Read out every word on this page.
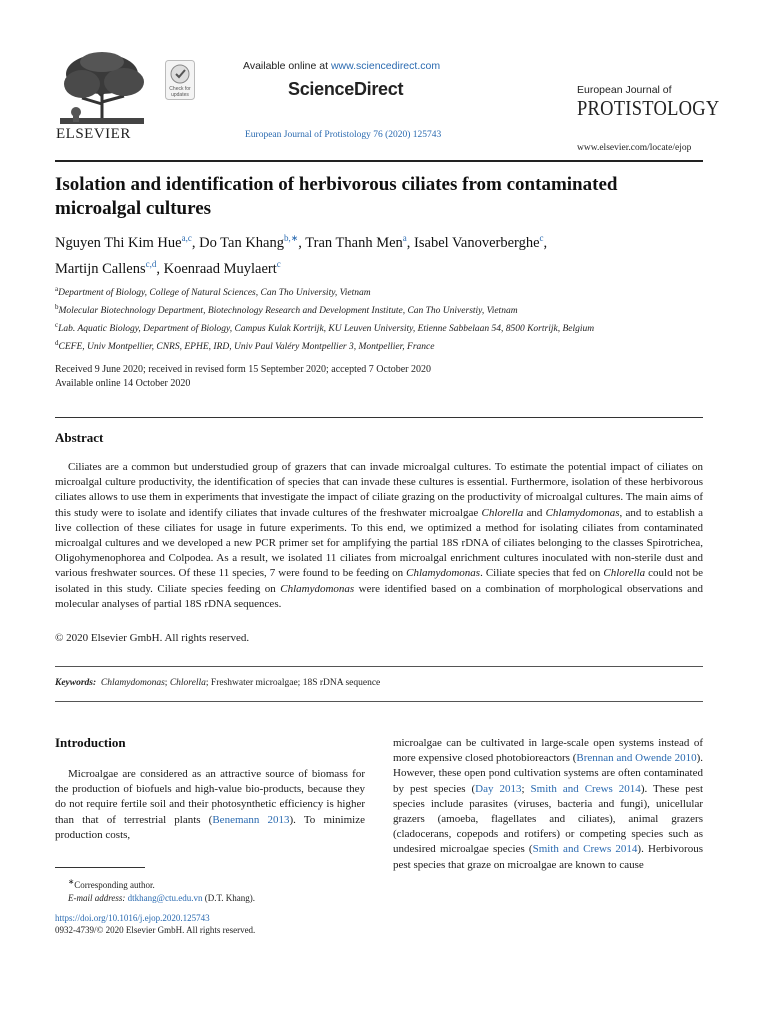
ELSEVIER
Check for
updates
Available online at www.sciencedirect.com
ScienceDirect
European Journal of Protistology 76 (2020) 125743
European Journal of
PROTISTOLOGY
www.elsevier.com/locate/ejop
Isolation and identification of herbivorous ciliates from contaminated microalgal cultures
Nguyen Thi Kim Hue$^{a,c}$, Do Tan Khang$^{b,∗}$, Tran Thanh Men$^a$, Isabel Vanoverberghe$^c$,
Martijn Callens$^{c,d}$, Koenraad Muylaert$^c$
$^a$Department of Biology, College of Natural Sciences, Can Tho University, Vietnam
$^b$Molecular Biotechnology Department, Biotechnology Research and Development Institute, Can Tho Universtiy, Vietnam
$^c$Lab. Aquatic Biology, Department of Biology, Campus Kulak Kortrijk, KU Leuven University, Etienne Sabbelaan 54, 8500 Kortrijk, Belgium
$^d$CEFE, Univ Montpellier, CNRS, EPHE, IRD, Univ Paul Valéry Montpellier 3, Montpellier, France
Received 9 June 2020; received in revised form 15 September 2020; accepted 7 October 2020
Available online 14 October 2020
Abstract

Ciliates are a common but understudied group of grazers that can invade microalgal cultures. To estimate the potential impact of ciliates on microalgal culture productivity, the identification of species that can invade these cultures is essential. Furthermore, isolation of these herbivorous ciliates allows to use them in experiments that investigate the impact of ciliate grazing on the productivity of microalgal cultures. The main aims of this study were to isolate and identify ciliates that invade cultures of the freshwater microalgae Chlorella and Chlamydomonas, and to establish a live collection of these ciliates for usage in future experiments. To this end, we optimized a method for isolating ciliates from contaminated microalgal cultures and we developed a new PCR primer set for amplifying the partial 18S rDNA of ciliates belonging to the classes Spirotrichea, Oligohymenophorea and Colpodea. As a result, we isolated 11 ciliates from microalgal enrichment cultures inoculated with non-sterile dust and various freshwater sources. Of these 11 species, 7 were found to be feeding on Chlamydomonas. Ciliate species that fed on Chlorella could not be isolated in this study. Ciliate species feeding on Chlamydomonas were identified based on a combination of morphological observations and molecular analyses of partial 18S rDNA sequences.

© 2020 Elsevier GmbH. All rights reserved.
Keywords: Chlamydomonas; Chlorella; Freshwater microalgae; 18S rDNA sequence
Introduction

Microalgae are considered as an attractive source of biomass for the production of biofuels and high-value bio-products, because they do not require fertile soil and their photosynthetic efficiency is higher than that of terrestrial plants (Benemann 2013). To minimize production costs,

microalgae can be cultivated in large-scale open systems instead of more expensive closed photobioreactors (Brennan and Owende 2010). However, these open pond cultivation systems are often contaminated by pest species (Day 2013; Smith and Crews 2014). These pest species include parasites (viruses, bacteria and fungi), unicellular grazers (amoeba, flagellates and ciliates), animal grazers (cladocerans, copepods and rotifers) or competing species such as undesired microalgae species (Smith and Crews 2014). Herbivorous pest species that graze on microalgae are known to cause

∗Corresponding author.
E-mail address: dtkhang@ctu.edu.vn (D.T. Khang).
https://doi.org/10.1016/j.ejop.2020.125743
0932-4739/© 2020 Elsevier GmbH. All rights reserved.
